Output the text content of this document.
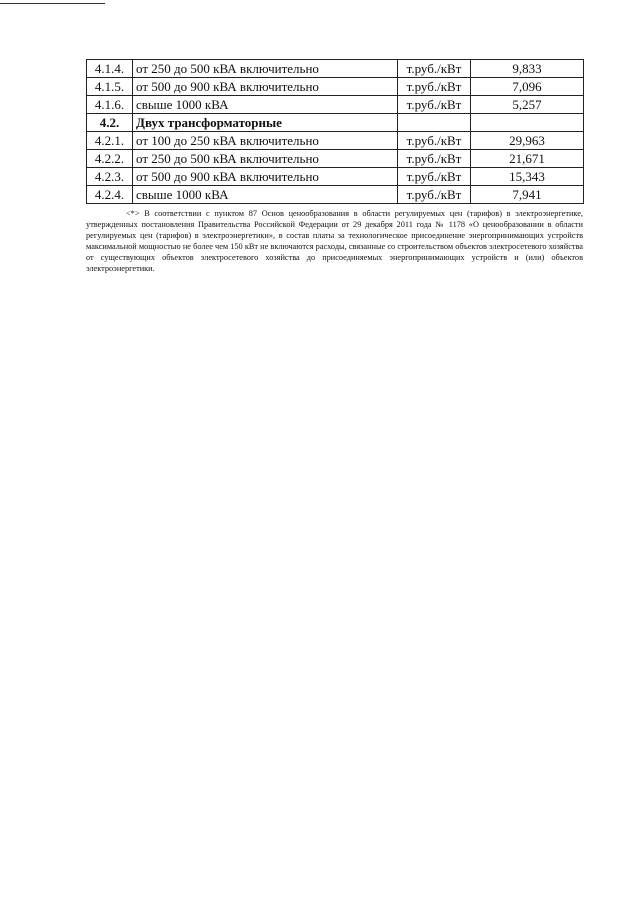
4.1.4.	от 250 до 500 кВА включительно	т.руб./кВт	9,833
4.1.5.	от 500 до 900 кВА включительно	т.руб./кВт	7,096
4.1.6.	свыше 1000 кВА	т.руб./кВт	5,257
4.2.	Двух трансформаторные		
4.2.1.	от 100 до 250 кВА включительно	т.руб./кВт	29,963
4.2.2.	от 250 до 500 кВА включительно	т.руб./кВт	21,671
4.2.3.	от 500 до 900 кВА включительно	т.руб./кВт	15,343
4.2.4.	свыше 1000 кВА	т.руб./кВт	7,941
<*> В соответствии с пунктом 87 Основ ценообразования в области регулируемых цен (тарифов) в электроэнергетике, утвержденных постановления Правительства Российской Федерации от 29 декабря 2011 года № 1178 «О ценообразовании в области регулируемых цен (тарифов) в электроэнергетики», в состав платы за технологическое присоединение энергопринимающих устройств максимальной мощностью не более чем 150 кВт не включаются расходы, связанные со строительством объектов электросетевого хозяйства от существующих объектов электросетевого хозяйства до присоединяемых энергопринимающих устройств и (или) объектов электроэнергетики.
